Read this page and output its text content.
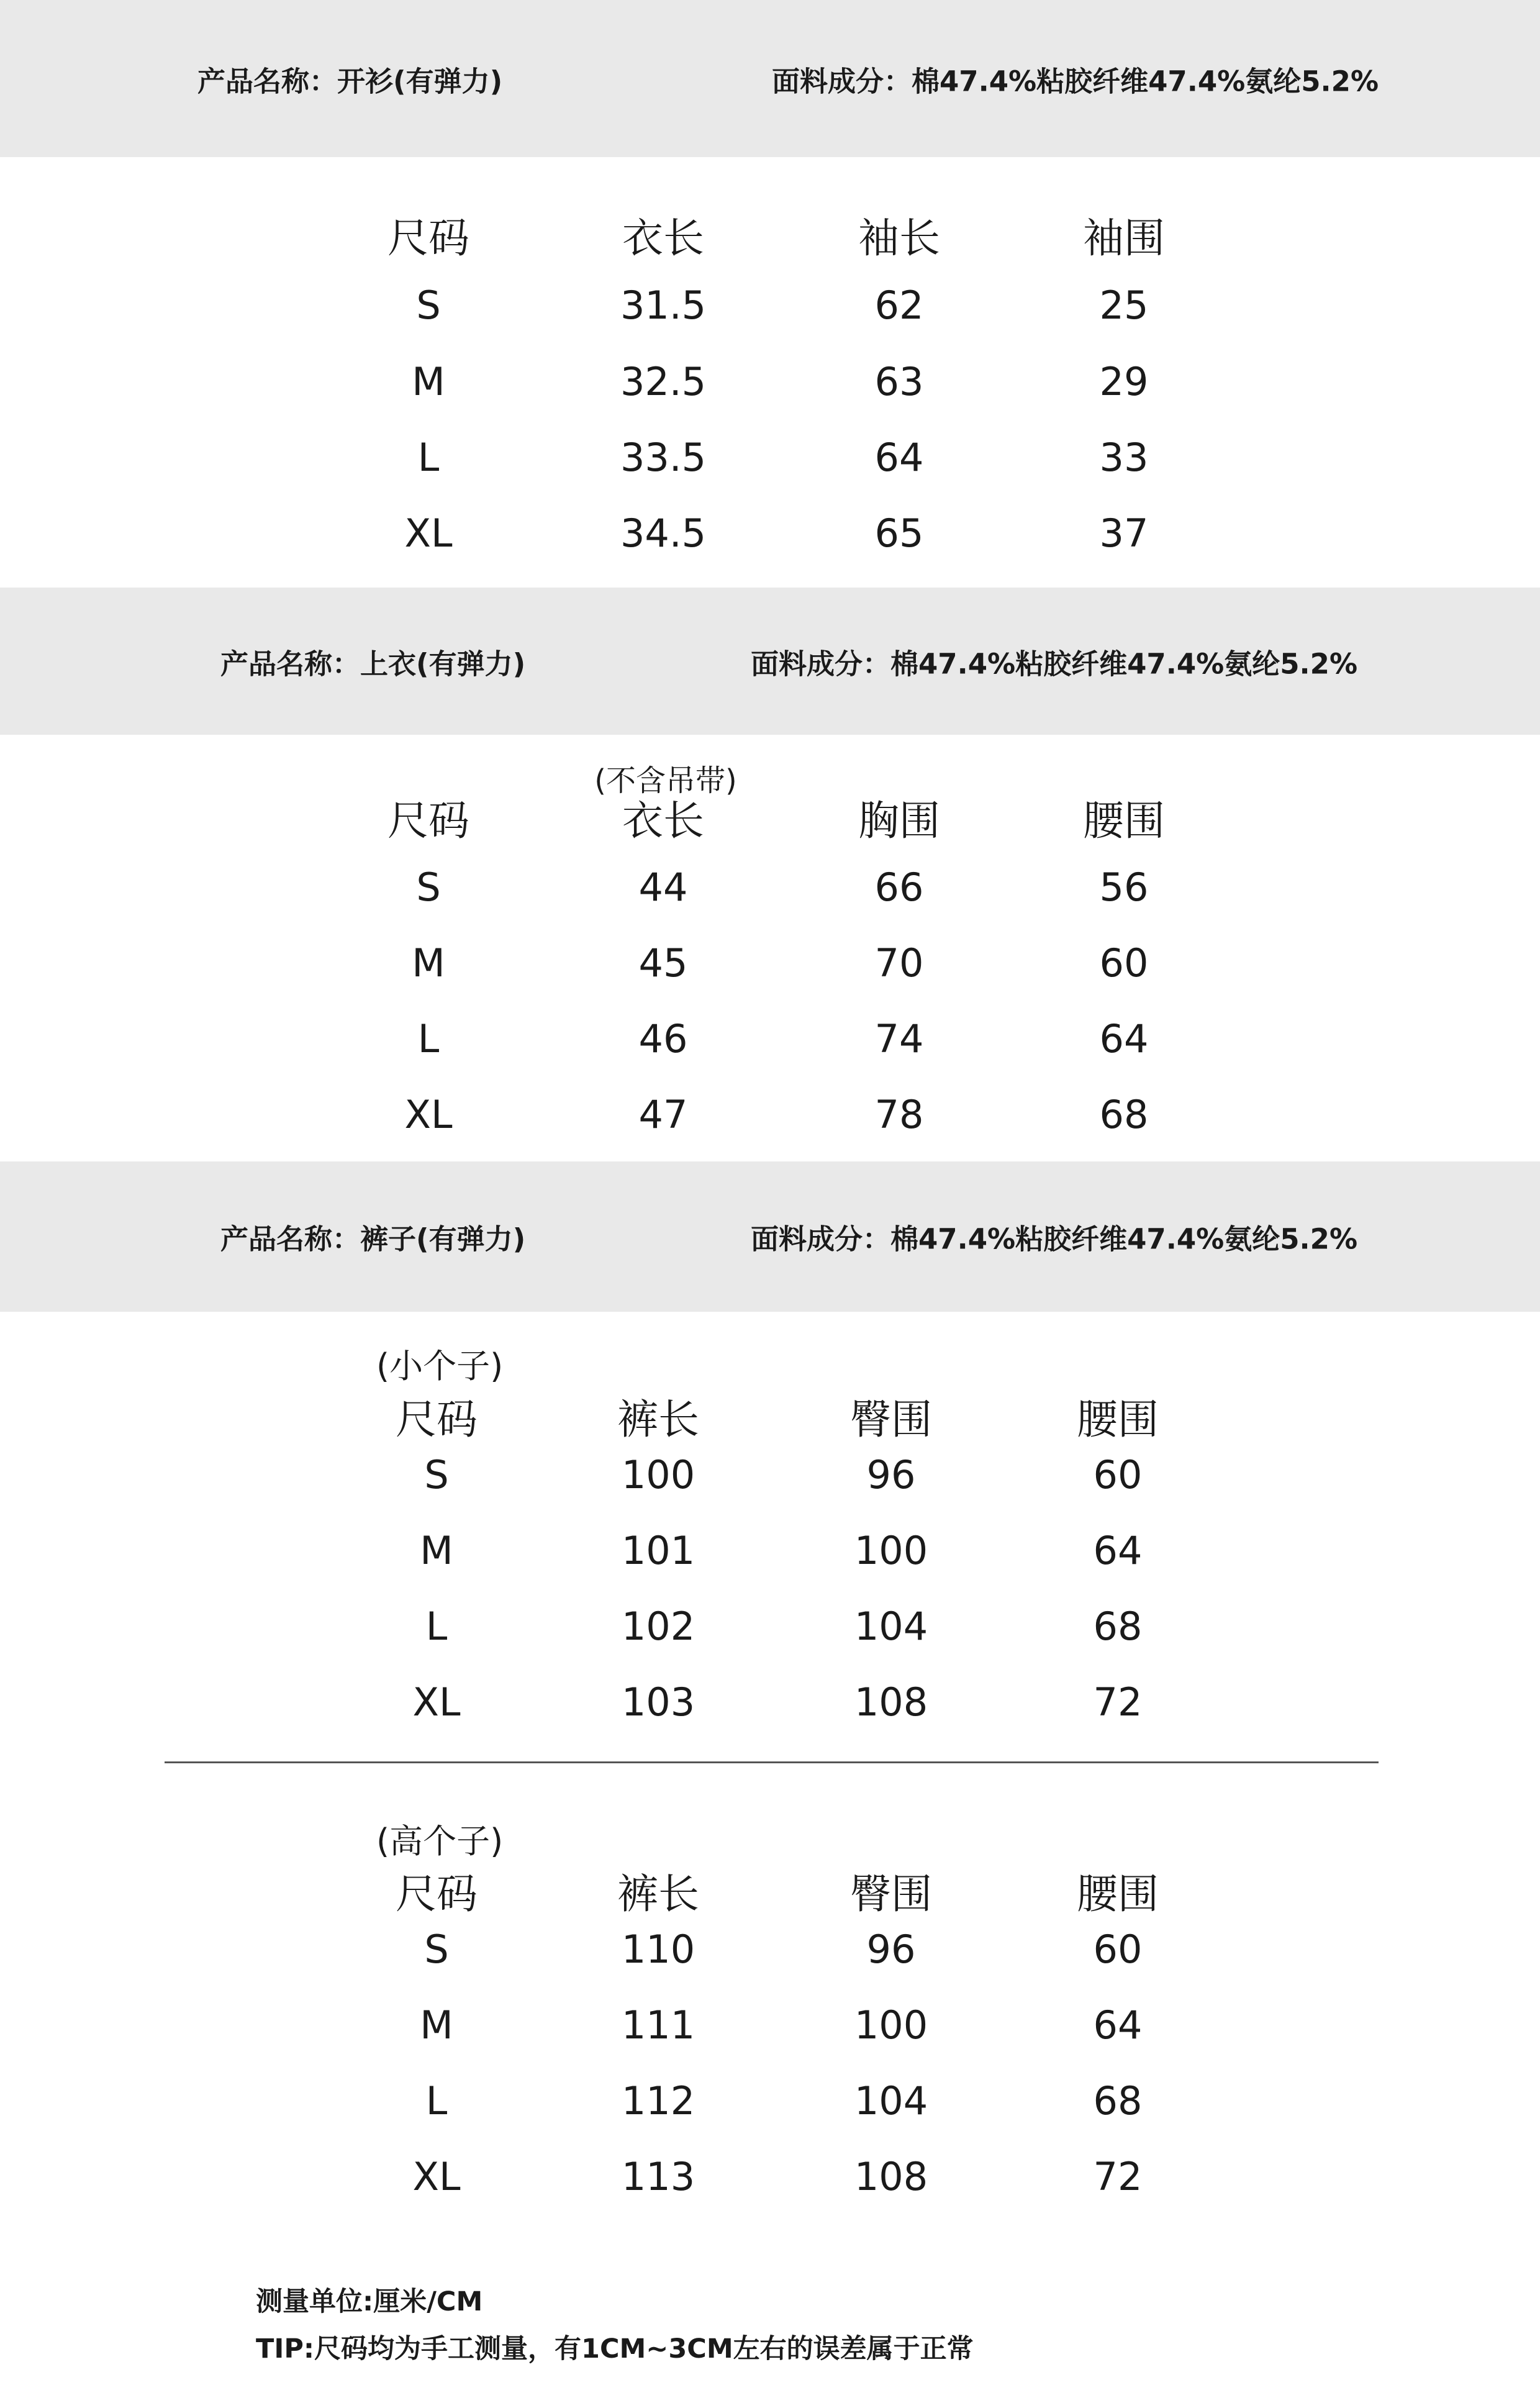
产品名称：开衫(有弹力)	面料成分：棉47.4%粘胶纤维47.4%氨纶5.2%
产品名称：上衣(有弹力)	面料成分：棉47.4%粘胶纤维47.4%氨纶5.2%
(不含吊带)
产品名称：裤子(有弹力)	面料成分：棉47.4%粘胶纤维47.4%氨纶5.2%
(小个子)
(高个子)
测量单位:厘米/CM
TIP:尺码均为手工测量，有1CM~3CM左右的误差属于正常
尺码	衣长	袖长	袖围
S	31.5	62	25
M	32.5	63	29
L	33.5	64	33
XL	34.5	65	37
尺码	衣长	胸围	腰围
S	44	66	56
M	45	70	60
L	46	74	64
XL	47	78	68
尺码	裤长	臀围	腰围
S	100	96	60
M	101	100	64
L	102	104	68
XL	103	108	72
尺码	裤长	臀围	腰围
S	110	96	60
M	111	100	64
L	112	104	68
XL	113	108	72
